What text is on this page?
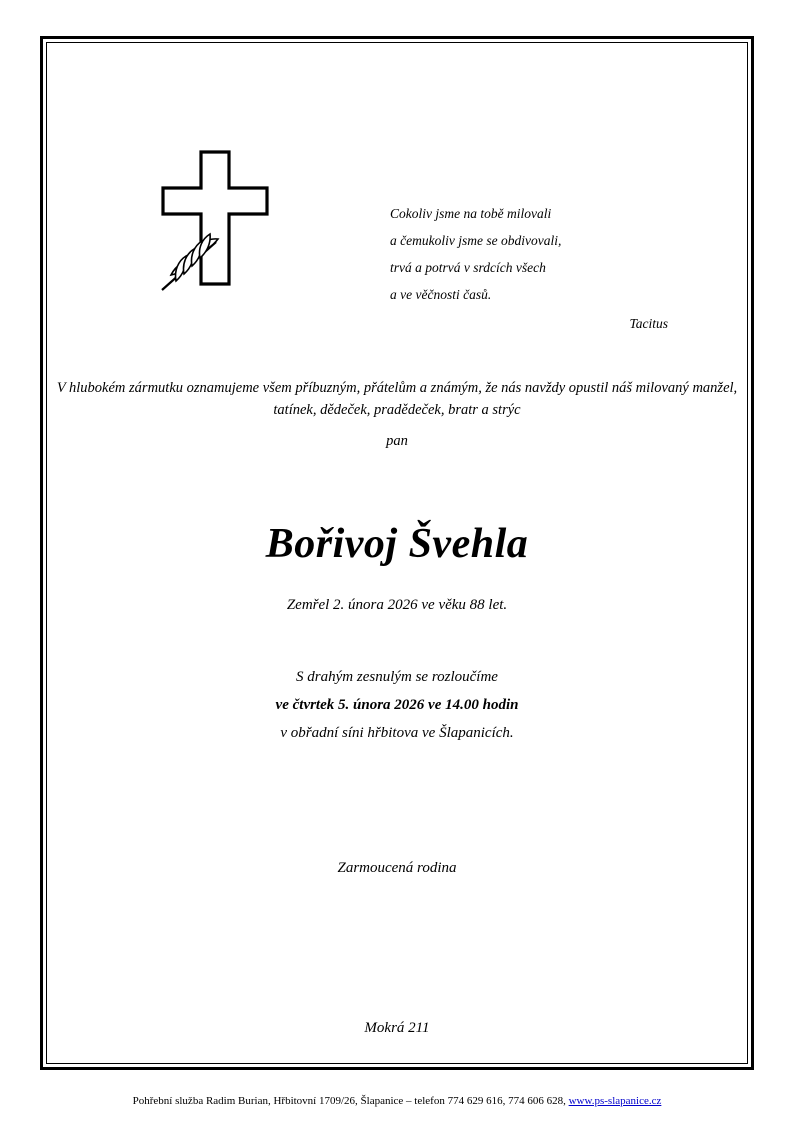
Cokoliv jsme na tobě milovali
a čemukoliv jsme se obdivovali,
trvá a potrvá v srdcích všech
a ve věčnosti časů.
Tacitus
V hlubokém zármutku oznamujeme všem příbuzným, přátelům a známým, že nás navždy opustil náš milovaný manžel, tatínek, dědeček, pradědeček, bratr a strýc
pan
Bořivoj Švehla
Zemřel 2. února 2026 ve věku 88 let.
S drahým zesnulým se rozloučíme
ve čtvrtek 5. února 2026 ve 14.00 hodin
v obřadní síni hřbitova ve Šlapanicích.
Zarmoucená rodina
Mokrá 211
Pohřební služba Radim Burian, Hřbitovní 1709/26, Šlapanice – telefon 774 629 616, 774 606 628, www.ps-slapanice.cz
